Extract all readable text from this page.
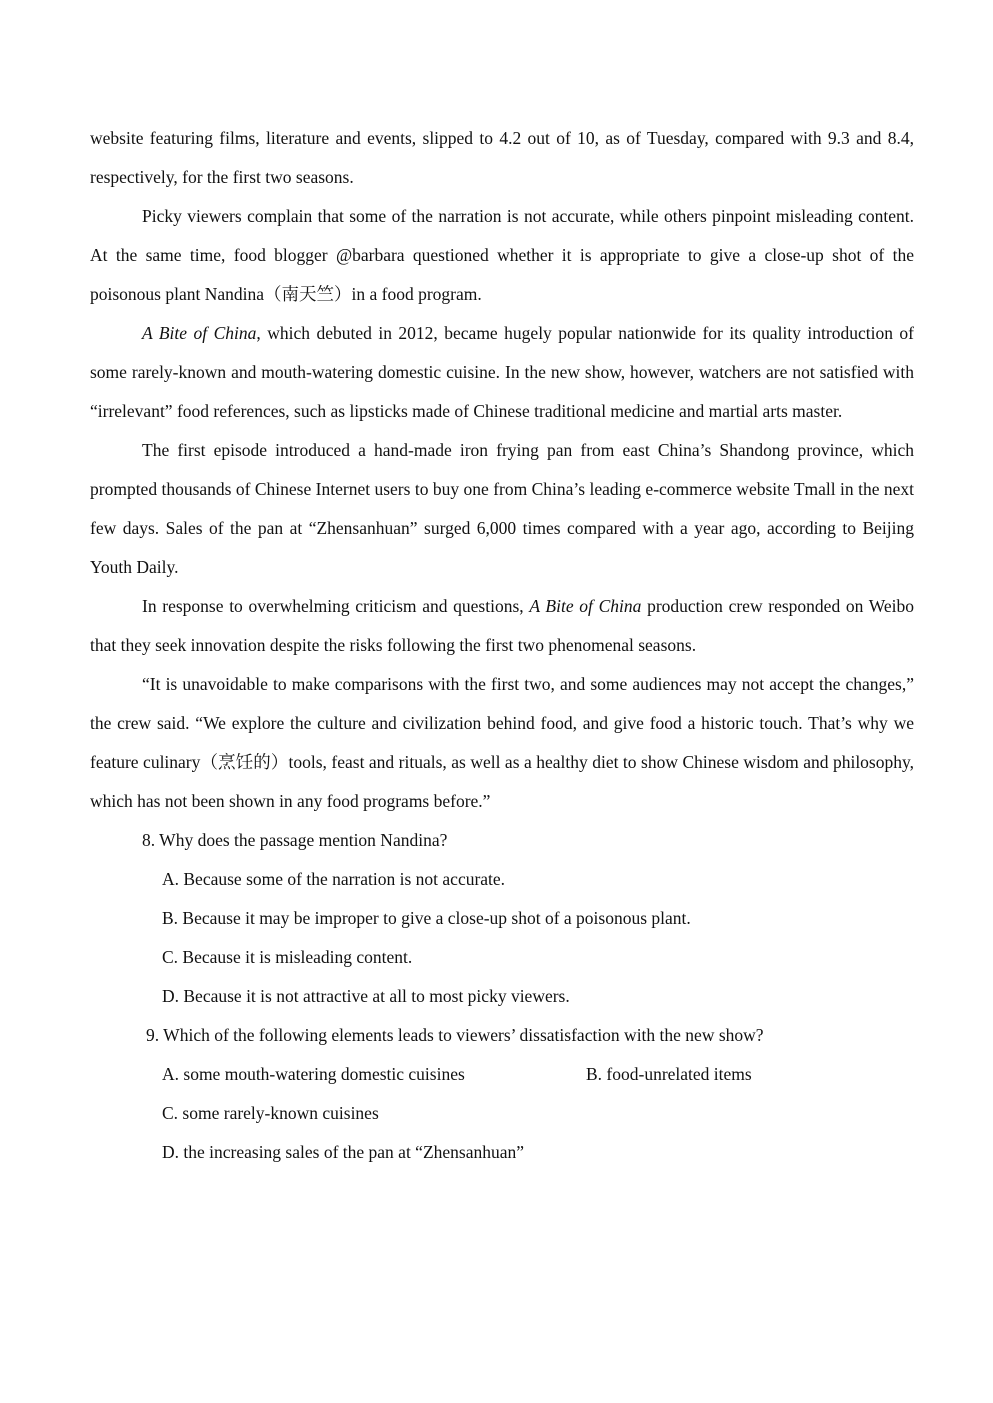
website featuring films, literature and events, slipped to 4.2 out of 10, as of Tuesday, compared with 9.3 and 8.4, respectively, for the first two seasons.

Picky viewers complain that some of the narration is not accurate, while others pinpoint misleading content. At the same time, food blogger @barbara questioned whether it is appropriate to give a close-up shot of the poisonous plant Nandina（南天竺）in a food program.

A Bite of China, which debuted in 2012, became hugely popular nationwide for its quality introduction of some rarely-known and mouth-watering domestic cuisine. In the new show, however, watchers are not satisfied with “irrelevant” food references, such as lipsticks made of Chinese traditional medicine and martial arts master.

The first episode introduced a hand-made iron frying pan from east China’s Shandong province, which prompted thousands of Chinese Internet users to buy one from China’s leading e-commerce website Tmall in the next few days. Sales of the pan at “Zhensanhuan” surged 6,000 times compared with a year ago, according to Beijing Youth Daily.

In response to overwhelming criticism and questions, A Bite of China production crew responded on Weibo that they seek innovation despite the risks following the first two phenomenal seasons.

“It is unavoidable to make comparisons with the first two, and some audiences may not accept the changes,” the crew said. “We explore the culture and civilization behind food, and give food a historic touch. That’s why we feature culinary（烹饪的）tools, feast and rituals, as well as a healthy diet to show Chinese wisdom and philosophy, which has not been shown in any food programs before.”

8. Why does the passage mention Nandina?

A. Because some of the narration is not accurate.

B. Because it may be improper to give a close-up shot of a poisonous plant.

C. Because it is misleading content.

D. Because it is not attractive at all to most picky viewers.

9. Which of the following elements leads to viewers’ dissatisfaction with the new show?

A. some mouth-watering domestic cuisines	B. food-unrelated items

C. some rarely-known cuisines

D. the increasing sales of the pan at “Zhensanhuan”
